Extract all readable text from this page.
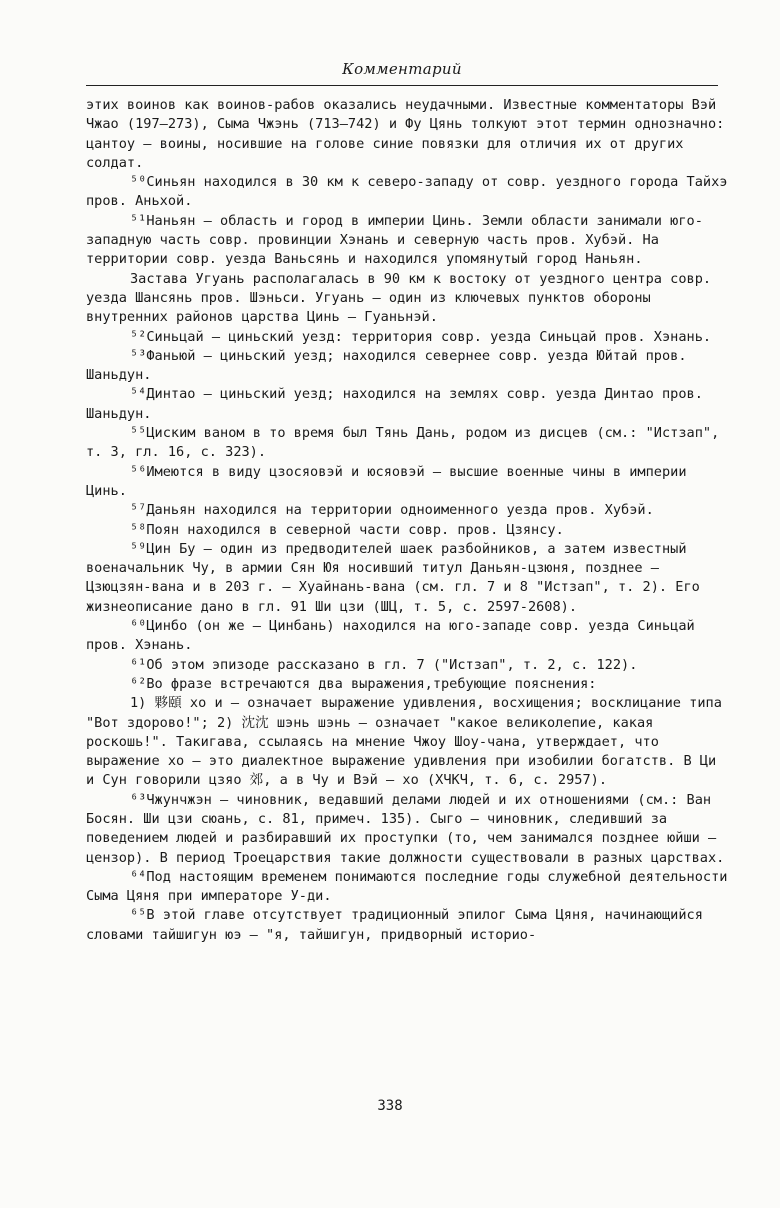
Комментарий

этих воинов как воинов-рабов оказались неудачными. Известные комментаторы Вэй Чжао (197—273), Сыма Чжэнь (713—742) и Фу Цянь толкуют этот термин однозначно: цантоу — воины, носившие на голове синие повязки для отличия их от других солдат.

⁵⁰Синьян находился в 30 км к северо-западу от совр. уездного города Тайхэ пров. Аньхой.

⁵¹Наньян — область и город в империи Цинь. Земли области занимали юго-западную часть совр. провинции Хэнань и северную часть пров. Хубэй. На территории совр. уезда Ваньсянь и находился упомянутый город Наньян.

Застава Угуань располагалась в 90 км к востоку от уездного центра совр. уезда Шансянь пров. Шэньси. Угуань — один из ключевых пунктов обороны внутренних районов царства Цинь — Гуаньнэй.

⁵²Синьцай — циньский уезд: территория совр. уезда Синьцай пров. Хэнань.

⁵³Фаньюй — циньский уезд; находился севернее совр. уезда Юйтай пров. Шаньдун.

⁵⁴Динтао — циньский уезд; находился на землях совр. уезда Динтао пров. Шаньдун.

⁵⁵Циским ваном в то время был Тянь Дань, родом из дисцев (см.: "Истзап", т. 3, гл. 16, с. 323).

⁵⁶Имеются в виду цзосяовэй и юсяовэй — высшие военные чины в империи Цинь.

⁵⁷Даньян находился на территории одноименного уезда пров. Хубэй.

⁵⁸Поян находился в северной части совр. пров. Цзянсу.

⁵⁹Цин Бу — один из предводителей шаек разбойников, а затем известный военачальник Чу, в армии Сян Юя носивший титул Даньян-цзюня, позднее — Цзюцзян-вана и в 203 г. — Хуайнань-вана (см. гл. 7 и 8 "Истзап", т. 2). Его жизнеописание дано в гл. 91 Ши цзи (ШЦ, т. 5, с. 2597-2608).

⁶⁰Цинбо (он же — Цинбань) находился на юго-западе совр. уезда Синьцай пров. Хэнань.

⁶¹Об этом эпизоде рассказано в гл. 7 ("Истзап", т. 2, с. 122).

⁶²Во фразе встречаются два выражения,требующие пояснения:

1) 夥頤 хо и — означает выражение удивления, восхищения; восклицание типа "Вот здорово!"; 2) 沈沈 шэнь шэнь — означает "какое великолепие, какая роскошь!". Такигава, ссылаясь на мнение Чжоу Шоу-чана, утверждает, что выражение хо — это диалектное выражение удивления при изобилии богатств. В Ци и Сун говорили цзяо 郊, а в Чу и Вэй — хо (ХЧКЧ, т. 6, с. 2957).

⁶³Чжунчжэн — чиновник, ведавший делами людей и их отношениями (см.: Ван Босян. Ши цзи сюань, с. 81, примеч. 135). Сыго — чиновник, следивший за поведением людей и разбиравший их проступки (то, чем занимался позднее юйши — цензор). В период Троецарствия такие должности существовали в разных царствах.

⁶⁴Под настоящим временем понимаются последние годы служебной деятельности Сыма Цяня при императоре У-ди.

⁶⁵В этой главе отсутствует традиционный эпилог Сыма Цяня, начинающийся словами тайшигун юэ — "я, тайшигун, придворный историо-

338
